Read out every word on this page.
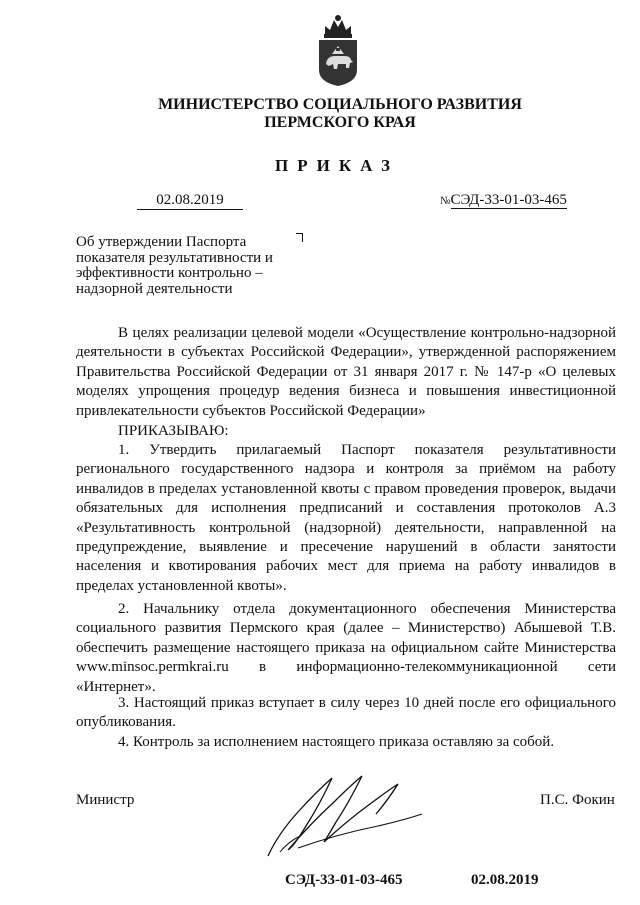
МИНИСТЕРСТВО СОЦИАЛЬНОГО РАЗВИТИЯ
ПЕРМСКОГО КРАЯ
ПРИКАЗ
02.08.2019	№СЭД-33-01-03-465
Об утверждении Паспорта показателя результативности и эффективности контрольно – надзорной деятельности
В целях реализации целевой модели «Осуществление контрольно-надзорной деятельности в субъектах Российской Федерации», утвержденной распоряжением Правительства Российской Федерации от 31 января 2017 г. № 147-р «О целевых моделях упрощения процедур ведения бизнеса и повышения инвестиционной привлекательности субъектов Российской Федерации»
ПРИКАЗЫВАЮ:
1. Утвердить прилагаемый Паспорт показателя результативности регионального государственного надзора и контроля за приёмом на работу инвалидов в пределах установленной квоты с правом проведения проверок, выдачи обязательных для исполнения предписаний и составления протоколов А.3 «Результативность контрольной (надзорной) деятельности, направленной на предупреждение, выявление и пресечение нарушений в области занятости населения и квотирования рабочих мест для приема на работу инвалидов в пределах установленной квоты».
2. Начальнику отдела документационного обеспечения Министерства социального развития Пермского края (далее – Министерство) Абышевой Т.В. обеспечить размещение настоящего приказа на официальном сайте Министерства www.minsoc.permkrai.ru в информационно-телекоммуникационной сети «Интернет».
3. Настоящий приказ вступает в силу через 10 дней после его официального опубликования.
4. Контроль за исполнением настоящего приказа оставляю за собой.
Министр	П.С. Фокин
СЭД-33-01-03-465	02.08.2019
